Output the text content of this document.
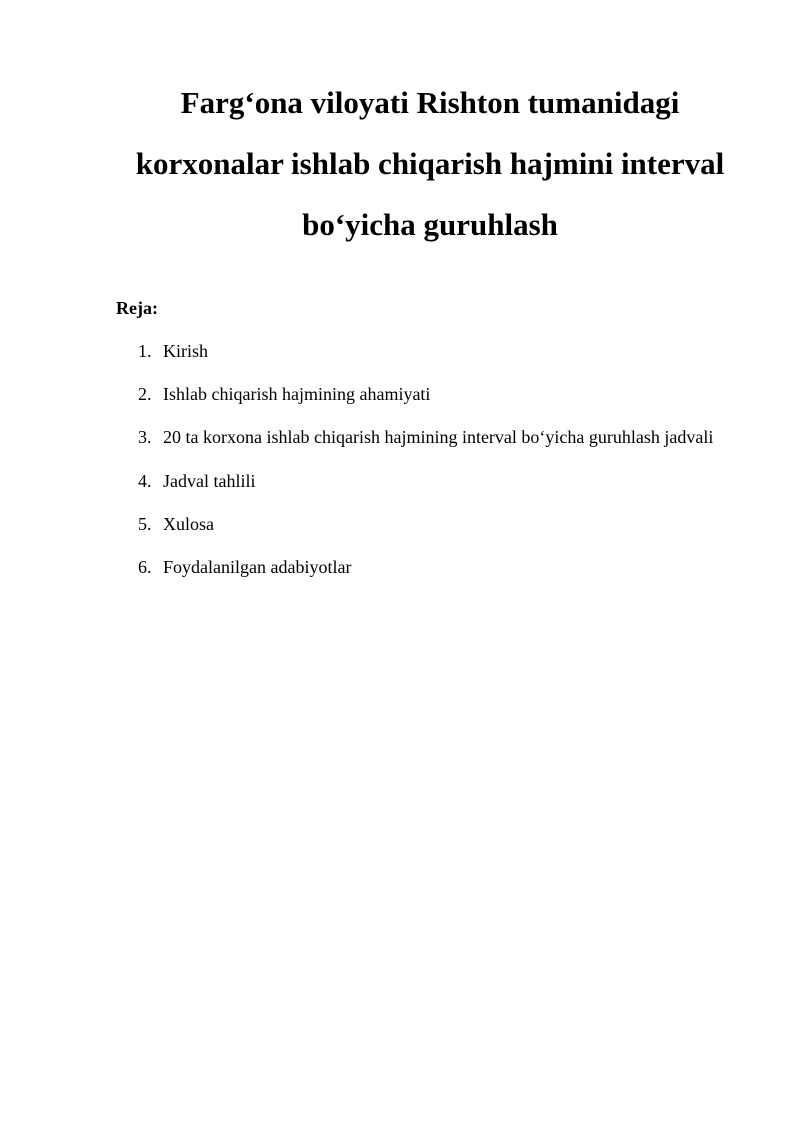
Farg‘ona viloyati Rishton tumanidagi
korxonalar ishlab chiqarish hajmini interval
bo‘yicha guruhlash

Reja:

1. Kirish
2. Ishlab chiqarish hajmining ahamiyati
3. 20 ta korxona ishlab chiqarish hajmining interval bo‘yicha guruhlash jadvali
4. Jadval tahlili
5. Xulosa
6. Foydalanilgan adabiyotlar
